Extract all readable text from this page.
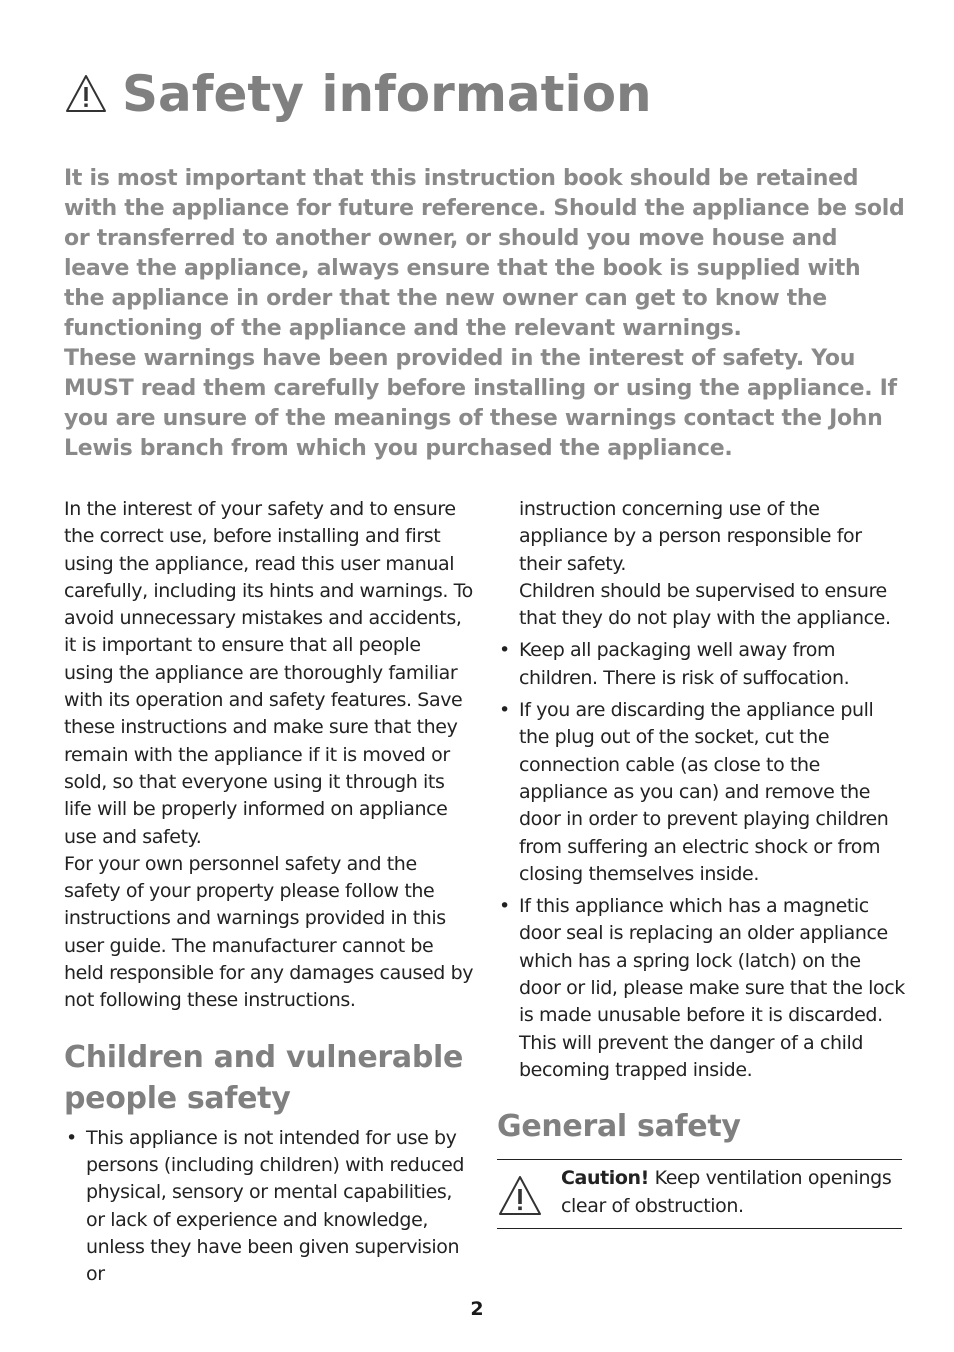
Safety information

It is most important that this instruction book should be retained with the appliance for future reference. Should the appliance be sold or transferred to another owner, or should you move house and leave the appliance, always ensure that the book is supplied with the appliance in order that the new owner can get to know the functioning of the appliance and the relevant warnings.

These warnings have been provided in the interest of safety. You MUST read them carefully before installing or using the appliance. If you are unsure of the meanings of these warnings contact the John Lewis branch from which you purchased the appliance.

In the interest of your safety and to ensure the correct use, before installing and first using the appliance, read this user manual carefully, including its hints and warnings. To avoid unnecessary mistakes and accidents, it is important to ensure that all people using the appliance are thoroughly familiar with its operation and safety features. Save these instructions and make sure that they remain with the appliance if it is moved or sold, so that everyone using it through its life will be properly informed on appliance use and safety.

For your own personnel safety and the safety of your property please follow the instructions and warnings provided in this user guide. The manufacturer cannot be held responsible for any damages caused by not following these instructions.

Children and vulnerable people safety
• This appliance is not intended for use by persons (including children) with reduced physical, sensory or mental capabilities, or lack of experience and knowledge, unless they have been given supervision or

instruction concerning use of the appliance by a person responsible for their safety.

Children should be supervised to ensure that they do not play with the appliance.

• Keep all packaging well away from children. There is risk of suffocation.
• If you are discarding the appliance pull the plug out of the socket, cut the connection cable (as close to the appliance as you can) and remove the door in order to prevent playing children from suffering an electric shock or from closing themselves inside.
• If this appliance which has a magnetic door seal is replacing an older appliance which has a spring lock (latch) on the door or lid, please make sure that the lock is made unusable before it is discarded. This will prevent the danger of a child becoming trapped inside.
General safety
Caution! Keep ventilation openings clear of obstruction.
2
